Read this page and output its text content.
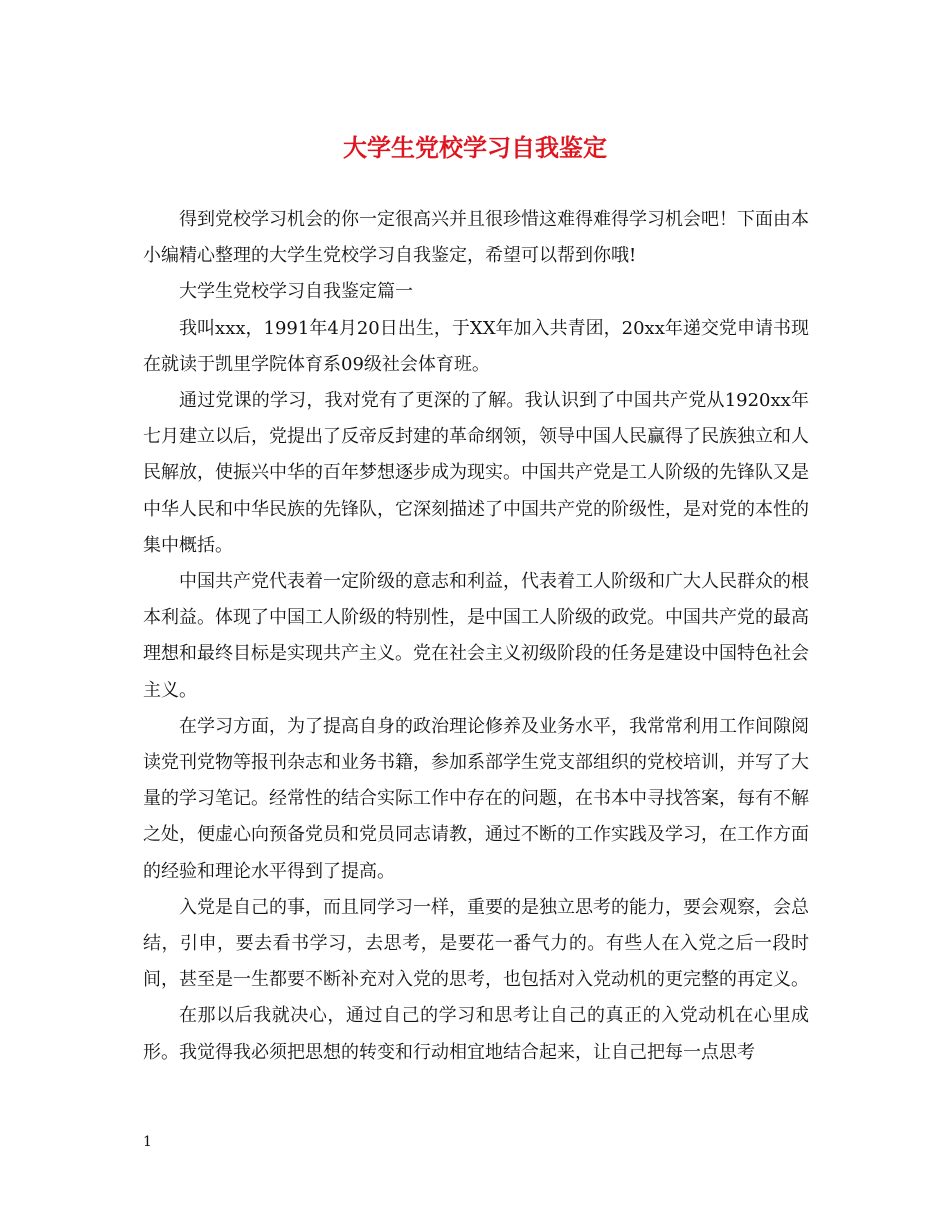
大学生党校学习自我鉴定

得到党校学习机会的你一定很高兴并且很珍惜这难得难得学习机会吧！下面由本小编精心整理的大学生党校学习自我鉴定，希望可以帮到你哦!

大学生党校学习自我鉴定篇一

我叫xxx，1991年4月20日出生，于XX年加入共青团，20xx年递交党申请书现在就读于凯里学院体育系09级社会体育班。

通过党课的学习，我对党有了更深的了解。我认识到了中国共产党从1920xx年七月建立以后，党提出了反帝反封建的革命纲领，领导中国人民赢得了民族独立和人民解放，使振兴中华的百年梦想逐步成为现实。中国共产党是工人阶级的先锋队又是中华人民和中华民族的先锋队，它深刻描述了中国共产党的阶级性，是对党的本性的集中概括。

中国共产党代表着一定阶级的意志和利益，代表着工人阶级和广大人民群众的根本利益。体现了中国工人阶级的特别性，是中国工人阶级的政党。中国共产党的最高理想和最终目标是实现共产主义。党在社会主义初级阶段的任务是建设中国特色社会主义。

在学习方面，为了提高自身的政治理论修养及业务水平，我常常利用工作间隙阅读党刊党物等报刊杂志和业务书籍，参加系部学生党支部组织的党校培训，并写了大量的学习笔记。经常性的结合实际工作中存在的问题，在书本中寻找答案，每有不解之处，便虚心向预备党员和党员同志请教，通过不断的工作实践及学习，在工作方面的经验和理论水平得到了提高。

入党是自己的事，而且同学习一样，重要的是独立思考的能力，要会观察，会总结，引申，要去看书学习，去思考，是要花一番气力的。有些人在入党之后一段时间，甚至是一生都要不断补充对入党的思考，也包括对入党动机的更完整的再定义。

在那以后我就决心，通过自己的学习和思考让自己的真正的入党动机在心里成形。我觉得我必须把思想的转变和行动相宜地结合起来，让自己把每一点思考

1
